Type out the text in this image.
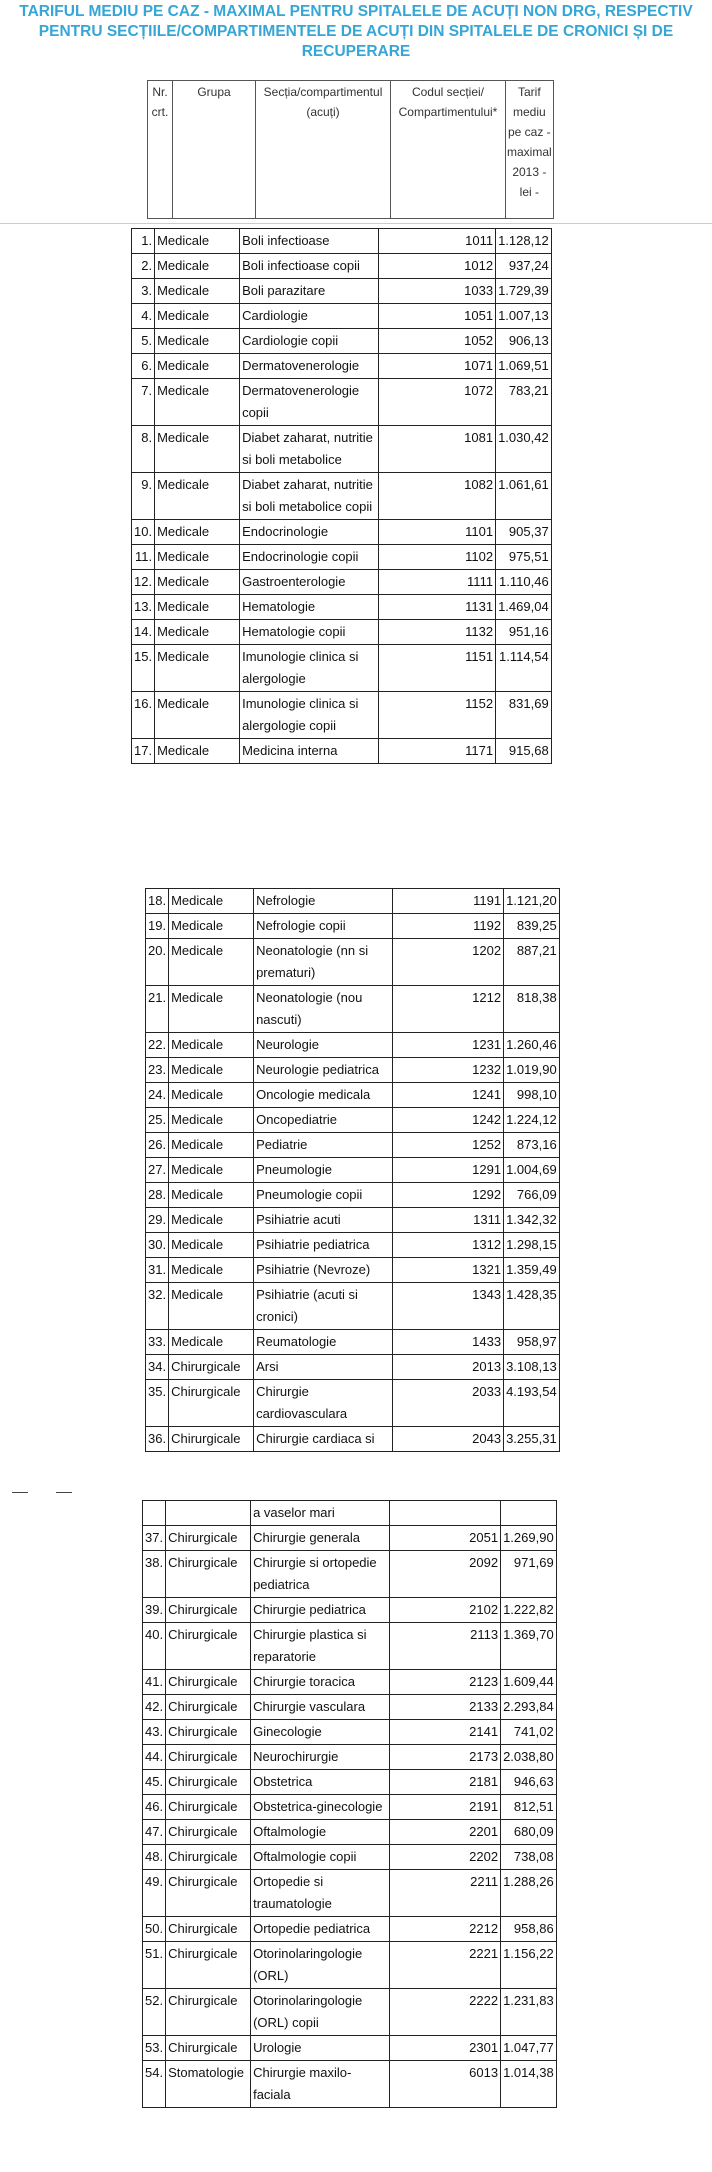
TARIFUL MEDIU PE CAZ - MAXIMAL PENTRU SPITALELE DE ACUȚI NON DRG, RESPECTIV PENTRU SECȚIILE/COMPARTIMENTELE DE ACUȚI DIN SPITALELE DE CRONICI ȘI DE RECUPERARE
Nr. crt.	Grupa	Secția/compartimentul (acuți)	Codul secției/ Compartimentului*	Tarif mediu pe caz - maximal 2013 - lei -
1.	Medicale	Boli infectioase	1011	1.128,12
2.	Medicale	Boli infectioase copii	1012	937,24
3.	Medicale	Boli parazitare	1033	1.729,39
4.	Medicale	Cardiologie	1051	1.007,13
5.	Medicale	Cardiologie copii	1052	906,13
6.	Medicale	Dermatovenerologie	1071	1.069,51
7.	Medicale	Dermatovenerologie copii	1072	783,21
8.	Medicale	Diabet zaharat, nutritie si boli metabolice	1081	1.030,42
9.	Medicale	Diabet zaharat, nutritie si boli metabolice copii	1082	1.061,61
10.	Medicale	Endocrinologie	1101	905,37
11.	Medicale	Endocrinologie copii	1102	975,51
12.	Medicale	Gastroenterologie	1111	1.110,46
13.	Medicale	Hematologie	1131	1.469,04
14.	Medicale	Hematologie copii	1132	951,16
15.	Medicale	Imunologie clinica si alergologie	1151	1.114,54
16.	Medicale	Imunologie clinica si alergologie copii	1152	831,69
17.	Medicale	Medicina interna	1171	915,68
18.	Medicale	Nefrologie	1191	1.121,20
19.	Medicale	Nefrologie copii	1192	839,25
20.	Medicale	Neonatologie (nn si prematuri)	1202	887,21
21.	Medicale	Neonatologie (nou nascuti)	1212	818,38
22.	Medicale	Neurologie	1231	1.260,46
23.	Medicale	Neurologie pediatrica	1232	1.019,90
24.	Medicale	Oncologie medicala	1241	998,10
25.	Medicale	Oncopediatrie	1242	1.224,12
26.	Medicale	Pediatrie	1252	873,16
27.	Medicale	Pneumologie	1291	1.004,69
28.	Medicale	Pneumologie copii	1292	766,09
29.	Medicale	Psihiatrie acuti	1311	1.342,32
30.	Medicale	Psihiatrie pediatrica	1312	1.298,15
31.	Medicale	Psihiatrie (Nevroze)	1321	1.359,49
32.	Medicale	Psihiatrie (acuti si cronici)	1343	1.428,35
33.	Medicale	Reumatologie	1433	958,97
34.	Chirurgicale	Arsi	2013	3.108,13
35.	Chirurgicale	Chirurgie cardiovasculara	2033	4.193,54
36.	Chirurgicale	Chirurgie cardiaca si	2043	3.255,31
		a vaselor mari		
37.	Chirurgicale	Chirurgie generala	2051	1.269,90
38.	Chirurgicale	Chirurgie si ortopedie pediatrica	2092	971,69
39.	Chirurgicale	Chirurgie pediatrica	2102	1.222,82
40.	Chirurgicale	Chirurgie plastica si reparatorie	2113	1.369,70
41.	Chirurgicale	Chirurgie toracica	2123	1.609,44
42.	Chirurgicale	Chirurgie vasculara	2133	2.293,84
43.	Chirurgicale	Ginecologie	2141	741,02
44.	Chirurgicale	Neurochirurgie	2173	2.038,80
45.	Chirurgicale	Obstetrica	2181	946,63
46.	Chirurgicale	Obstetrica-ginecologie	2191	812,51
47.	Chirurgicale	Oftalmologie	2201	680,09
48.	Chirurgicale	Oftalmologie copii	2202	738,08
49.	Chirurgicale	Ortopedie si traumatologie	2211	1.288,26
50.	Chirurgicale	Ortopedie pediatrica	2212	958,86
51.	Chirurgicale	Otorinolaringologie (ORL)	2221	1.156,22
52.	Chirurgicale	Otorinolaringologie (ORL) copii	2222	1.231,83
53.	Chirurgicale	Urologie	2301	1.047,77
54.	Stomatologie	Chirurgie maxilo-faciala	6013	1.014,38
